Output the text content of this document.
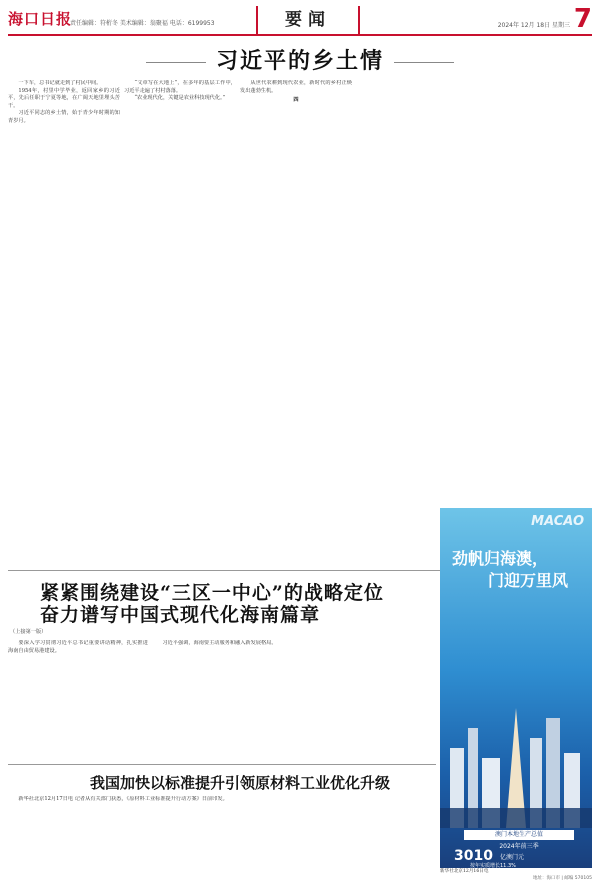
海口日报
责任编辑：符桁冬 美术编辑：翁聚福 电话：6199953	要闻	2024年 12月 18日 星期三 7
习近平的乡土情

一下车，总书记就走到了村民中间。

1954年，村里中学毕业，返回家乡的习近平，先后任职于宁夏等地，在广阔天地里埋头苦干。

习近平同志的乡土情，始于青少年时期的知青岁月。

“文章写在大地上”，在多年的基层工作中，习近平走遍了村村落落。

“农业现代化，关键是农业科技现代化。”

从世代农耕到现代农业，新时代的乡村正焕发出蓬勃生机。

四

紧紧围绕建设“三区一中心”的战略定位
奋力谱写中国式现代化海南篇章
（上接第一版）

要深入学习贯彻习近平总书记重要讲话精神，扎实推进海南自由贸易港建设。

习近平强调，海南要主动服务和融入新发展格局。

我国加快以标准提升引领原材料工业优化升级

新华社北京12月17日电 记者从有关部门获悉，《原材料工业标准提升行动方案》日前印发。

MACAO
劲帆归海澳，
门迎万里风
澳门本地生产总值
2024年前三季
3010 亿澳门元
按年实质增长11.3%
新华社北京12月16日电
地址：海口市 | 邮编 570105
